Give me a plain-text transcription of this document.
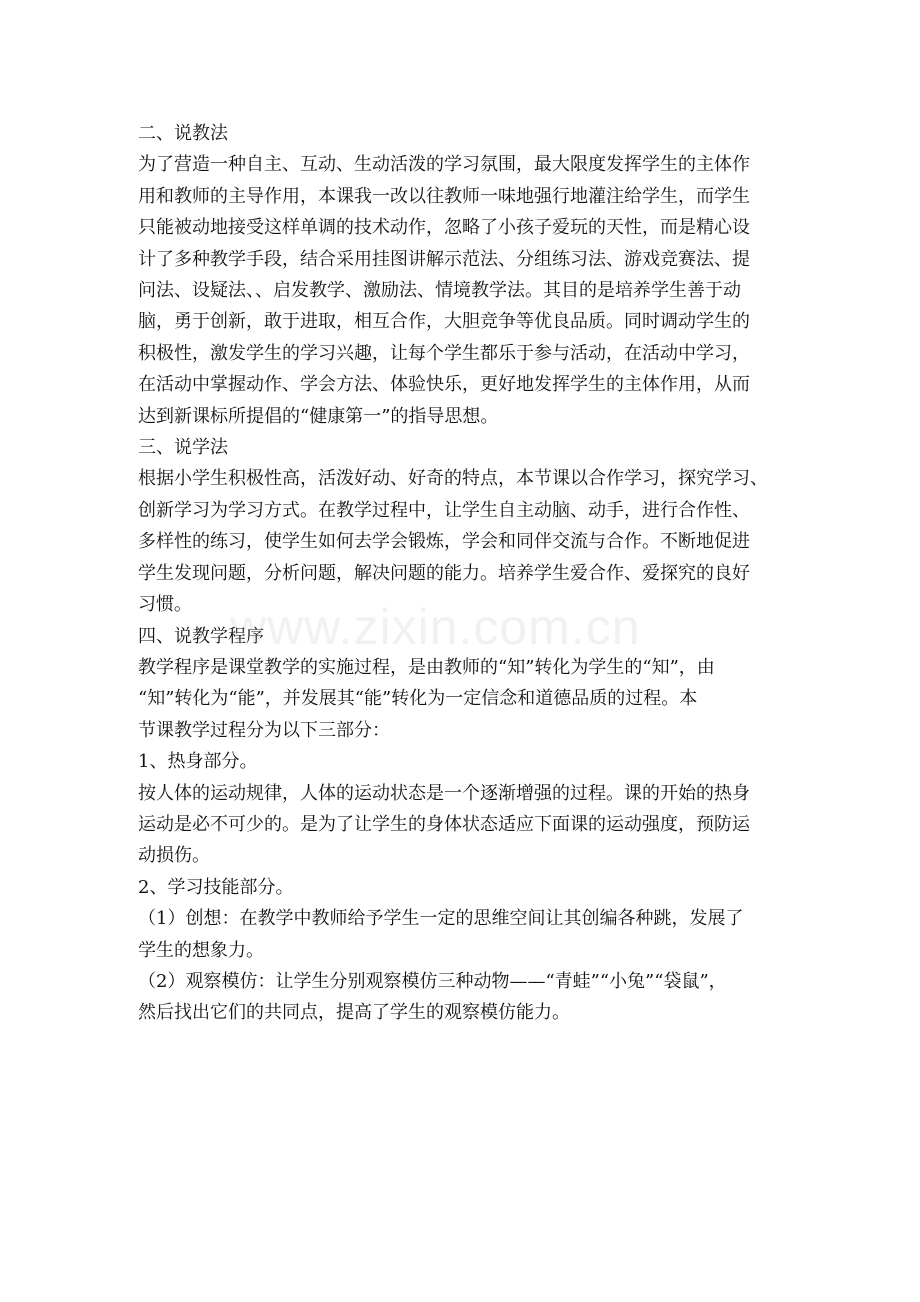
二、说教法

为了营造一种自主、互动、生动活泼的学习氛围，最大限度发挥学生的主体作

用和教师的主导作用，本课我一改以往教师一味地强行地灌注给学生，而学生

只能被动地接受这样单调的技术动作，忽略了小孩子爱玩的天性，而是精心设

计了多种教学手段，结合采用挂图讲解示范法、分组练习法、游戏竞赛法、提

问法、设疑法、、启发教学、激励法、情境教学法。其目的是培养学生善于动

脑，勇于创新，敢于进取，相互合作，大胆竞争等优良品质。同时调动学生的

积极性，激发学生的学习兴趣，让每个学生都乐于参与活动，在活动中学习，

在活动中掌握动作、学会方法、体验快乐，更好地发挥学生的主体作用，从而

达到新课标所提倡的“健康第一”的指导思想。

三、说学法

根据小学生积极性高，活泼好动、好奇的特点，本节课以合作学习，探究学习、

创新学习为学习方式。在教学过程中，让学生自主动脑、动手，进行合作性、

多样性的练习，使学生如何去学会锻炼，学会和同伴交流与合作。不断地促进

学生发现问题，分析问题，解决问题的能力。培养学生爱合作、爱探究的良好

习惯。

四、说教学程序

教学程序是课堂教学的实施过程，是由教师的“知”转化为学生的“知”，由

“知”转化为“能”，并发展其“能”转化为一定信念和道德品质的过程。本

节课教学过程分为以下三部分：

1、热身部分。

按人体的运动规律，人体的运动状态是一个逐渐增强的过程。课的开始的热身

运动是必不可少的。是为了让学生的身体状态适应下面课的运动强度，预防运

动损伤。

2、学习技能部分。

（1）创想：在教学中教师给予学生一定的思维空间让其创编各种跳，发展了

学生的想象力。

（2）观察模仿：让学生分别观察模仿三种动物——“青蛙”“小兔”“袋鼠”，

然后找出它们的共同点，提高了学生的观察模仿能力。

www.zixin.com.cn
